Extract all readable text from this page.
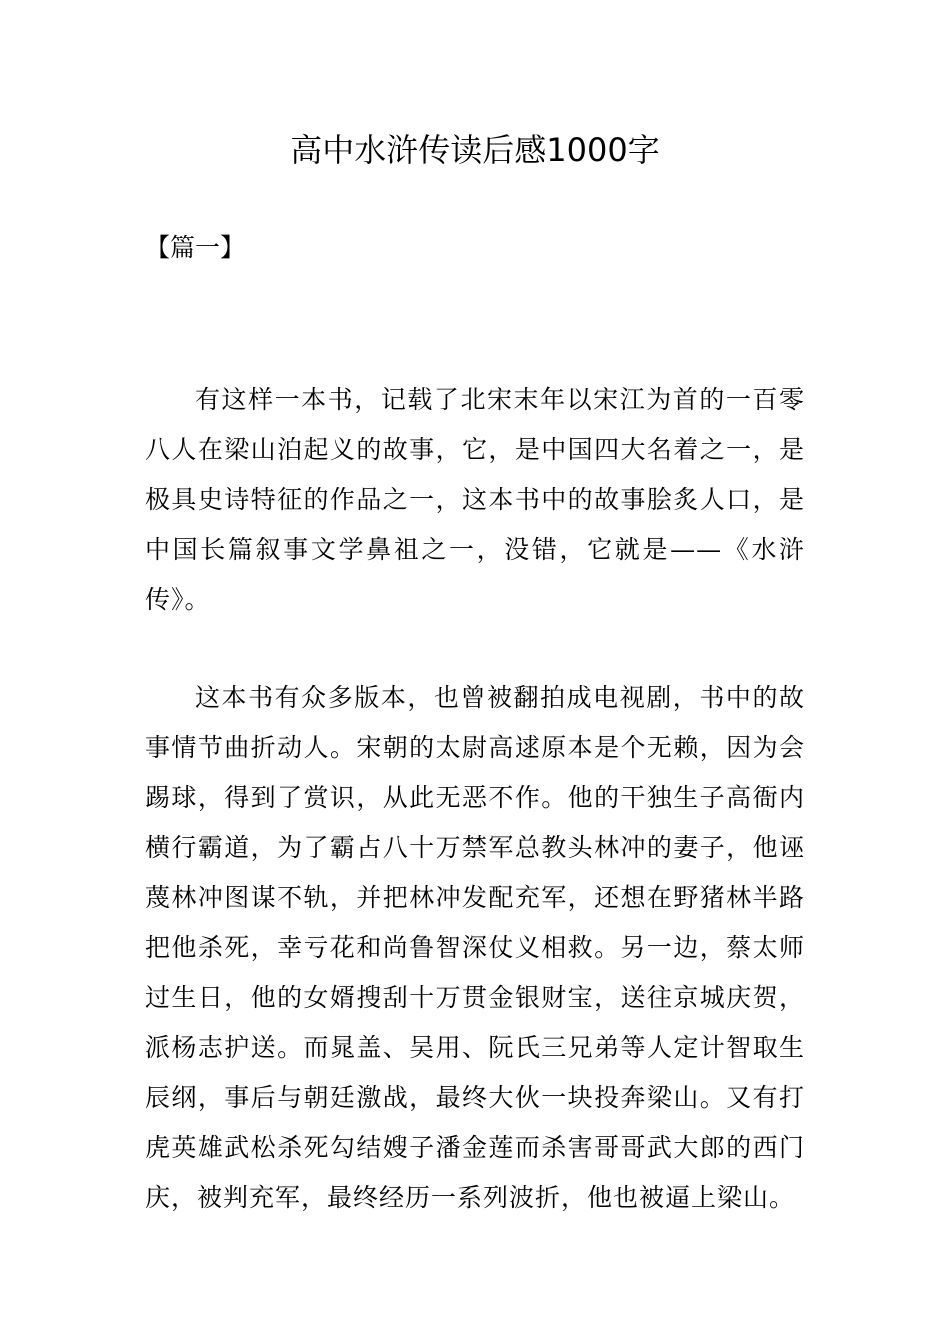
高中水浒传读后感1000字

【篇一】

有这样一本书，记载了北宋末年以宋江为首的一百零八人在梁山泊起义的故事，它，是中国四大名着之一，是极具史诗特征的作品之一，这本书中的故事脍炙人口，是中国长篇叙事文学鼻祖之一，没错，它就是——《水浒传》。

这本书有众多版本，也曾被翻拍成电视剧，书中的故事情节曲折动人。宋朝的太尉高逑原本是个无赖，因为会踢球，得到了赏识，从此无恶不作。他的干独生子高衙内横行霸道，为了霸占八十万禁军总教头林冲的妻子，他诬蔑林冲图谋不轨，并把林冲发配充军，还想在野猪林半路把他杀死，幸亏花和尚鲁智深仗义相救。另一边，蔡太师过生日，他的女婿搜刮十万贯金银财宝，送往京城庆贺，派杨志护送。而晁盖、吴用、阮氏三兄弟等人定计智取生辰纲，事后与朝廷激战，最终大伙一块投奔梁山。又有打虎英雄武松杀死勾结嫂子潘金莲而杀害哥哥武大郎的西门庆，被判充军，最终经历一系列波折，他也被逼上梁山。
